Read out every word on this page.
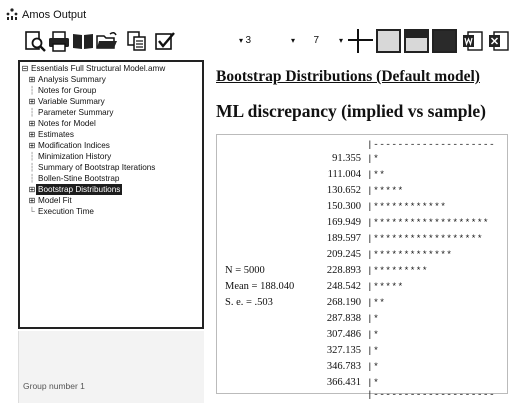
Amos Output
3
▾	7
▾	▾
⊟ Essentials Full Structural Model.amw
⊞ Analysis Summary
┆ Notes for Group
⊞ Variable Summary
┆ Parameter Summary
⊞ Notes for Model
⊞ Estimates
⊞ Modification Indices
┆ Minimization History
┆ Summary of Bootstrap Iterations
┆ Bollen-Stine Bootstrap
⊞ Bootstrap Distributions
⊞ Model Fit
└ Execution Time
Group number 1
Bootstrap Distributions (Default model)
ML discrepancy (implied vs sample)
|--------------------
91.355 |*
111.004 |**
130.652 |*****
150.300 |************
169.949 |*******************
189.597 |******************
209.245 |*************
N = 5000	228.893 |*********
Mean = 188.040	248.542 |*****
S. e. = .503	268.190 |**
287.838 |*
307.486 |*
327.135 |*
346.783 |*
366.431 |*
|--------------------
